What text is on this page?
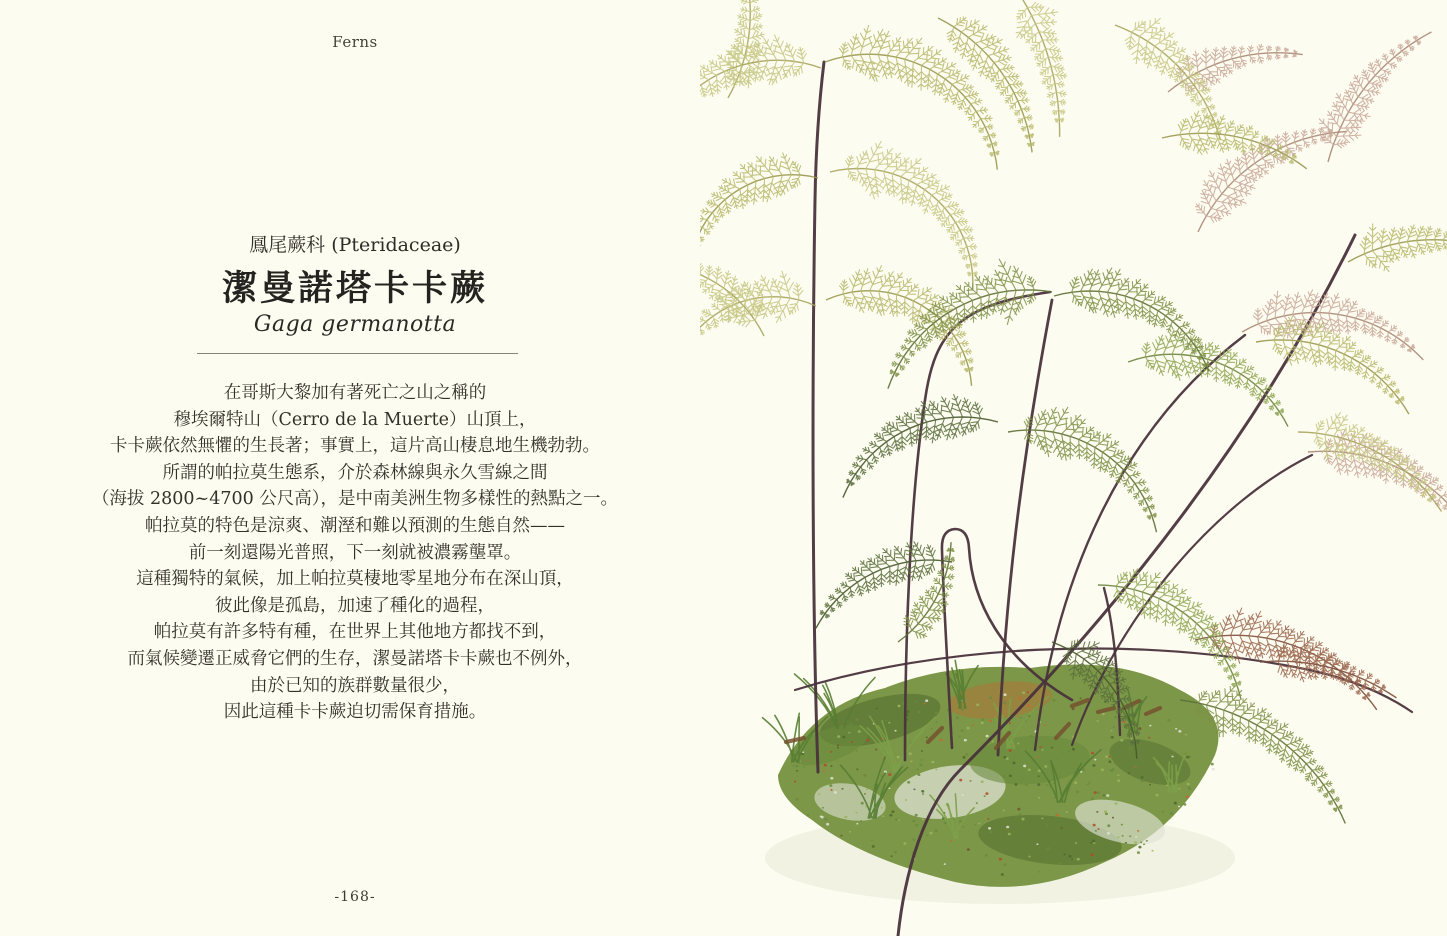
Ferns
鳳尾蕨科 (Pteridaceae)
潔曼諾塔卡卡蕨
Gaga germanotta
在哥斯大黎加有著死亡之山之稱的
穆埃爾特山（Cerro de la Muerte）山頂上，
卡卡蕨依然無懼的生長著；事實上，這片高山棲息地生機勃勃。
所謂的帕拉莫生態系，介於森林線與永久雪線之間
（海拔 2800~4700 公尺高），是中南美洲生物多樣性的熱點之一。
帕拉莫的特色是涼爽、潮溼和難以預測的生態自然——
前一刻還陽光普照，下一刻就被濃霧壟罩。
這種獨特的氣候，加上帕拉莫棲地零星地分布在深山頂，
彼此像是孤島，加速了種化的過程，
帕拉莫有許多特有種，在世界上其他地方都找不到，
而氣候變遷正威脅它們的生存，潔曼諾塔卡卡蕨也不例外，
由於已知的族群數量很少，
因此這種卡卡蕨迫切需保育措施。
-168-
